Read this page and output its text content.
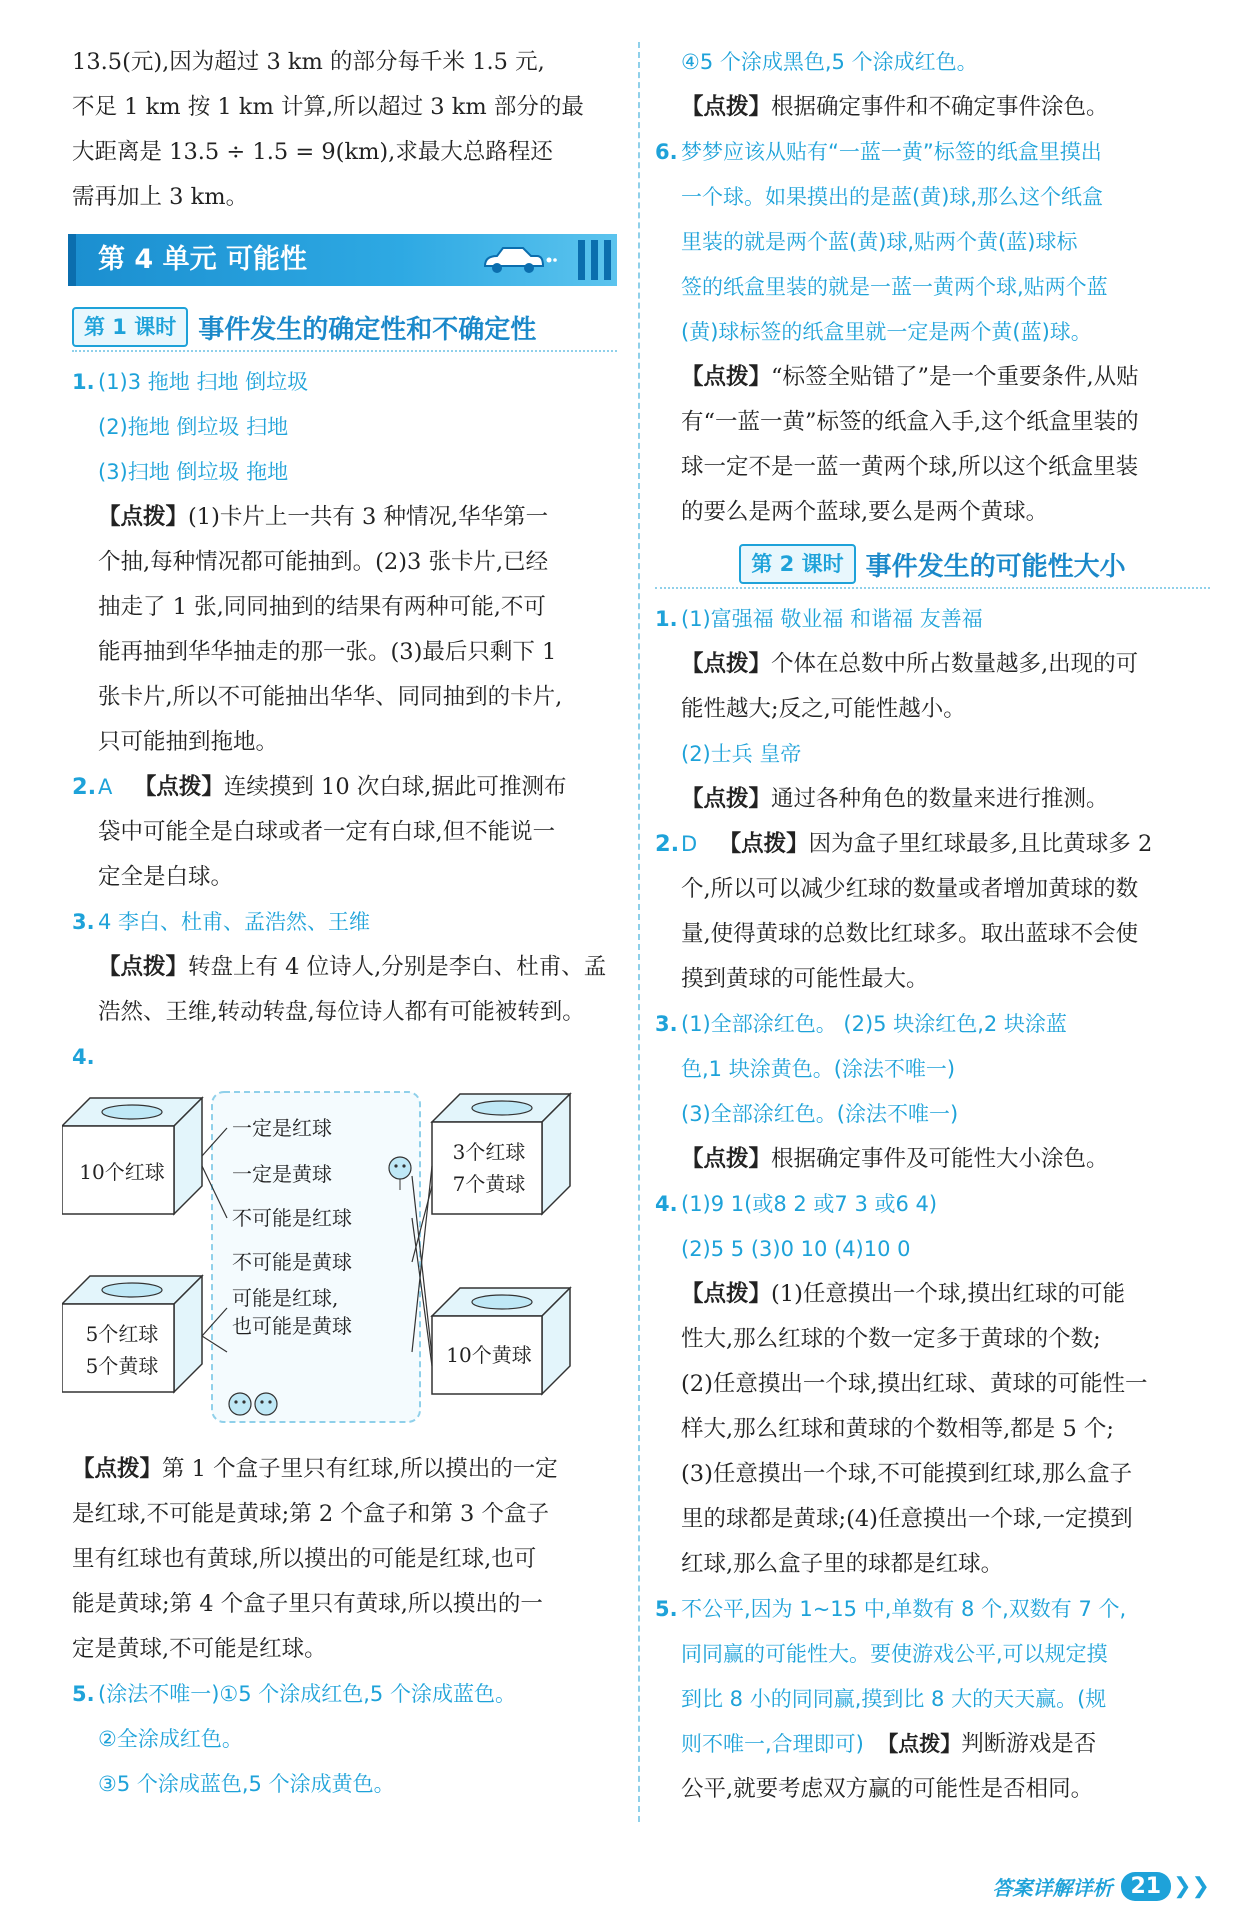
13.5(元),因为超过 3 km 的部分每千米 1.5 元,

不足 1 km 按 1 km 计算,所以超过 3 km 部分的最

大距离是 13.5 ÷ 1.5 = 9(km),求最大总路程还

需再加上 3 km。

第 4 单元 可能性
第 1 课时 事件发生的确定性和不确定性

1. (1)3 拖地 扫地 倒垃圾

(2)拖地 倒垃圾 扫地

(3)扫地 倒垃圾 拖地

【点拨】(1)卡片上一共有 3 种情况,华华第一

个抽,每种情况都可能抽到。(2)3 张卡片,已经

抽走了 1 张,同同抽到的结果有两种可能,不可

能再抽到华华抽走的那一张。(3)最后只剩下 1

张卡片,所以不可能抽出华华、同同抽到的卡片,

只可能抽到拖地。

2.A 【点拨】连续摸到 10 次白球,据此可推测布

袋中可能全是白球或者一定有白球,但不能说一

定全是白球。

3. 4 李白、杜甫、孟浩然、王维

【点拨】转盘上有 4 位诗人,分别是李白、杜甫、孟

浩然、王维,转动转盘,每位诗人都有可能被转到。

4.

10个红球
5个红球
5个黄球
3个红球
7个黄球
10个黄球
一定是红球
一定是黄球
不可能是红球
不可能是黄球
可能是红球,
也可能是黄球

【点拨】第 1 个盒子里只有红球,所以摸出的一定

是红球,不可能是黄球;第 2 个盒子和第 3 个盒子

里有红球也有黄球,所以摸出的可能是红球,也可

能是黄球;第 4 个盒子里只有黄球,所以摸出的一

定是黄球,不可能是红球。

5. (涂法不唯一)①5 个涂成红色,5 个涂成蓝色。

②全涂成红色。

③5 个涂成蓝色,5 个涂成黄色。

④5 个涂成黑色,5 个涂成红色。

【点拨】根据确定事件和不确定事件涂色。

6. 梦梦应该从贴有“一蓝一黄”标签的纸盒里摸出

一个球。如果摸出的是蓝(黄)球,那么这个纸盒

里装的就是两个蓝(黄)球,贴两个黄(蓝)球标

签的纸盒里装的就是一蓝一黄两个球,贴两个蓝

(黄)球标签的纸盒里就一定是两个黄(蓝)球。

【点拨】“标签全贴错了”是一个重要条件,从贴

有“一蓝一黄”标签的纸盒入手,这个纸盒里装的

球一定不是一蓝一黄两个球,所以这个纸盒里装

的要么是两个蓝球,要么是两个黄球。

第 2 课时 事件发生的可能性大小

1. (1)富强福 敬业福 和谐福 友善福

【点拨】个体在总数中所占数量越多,出现的可

能性越大;反之,可能性越小。

(2)士兵 皇帝

【点拨】通过各种角色的数量来进行推测。

2.D 【点拨】因为盒子里红球最多,且比黄球多 2

个,所以可以减少红球的数量或者增加黄球的数

量,使得黄球的总数比红球多。取出蓝球不会使

摸到黄球的可能性最大。

3. (1)全部涂红色。 (2)5 块涂红色,2 块涂蓝

色,1 块涂黄色。(涂法不唯一)

(3)全部涂红色。(涂法不唯一)

【点拨】根据确定事件及可能性大小涂色。

4. (1)9 1(或8 2 或7 3 或6 4)

(2)5 5 (3)0 10 (4)10 0

【点拨】(1)任意摸出一个球,摸出红球的可能

性大,那么红球的个数一定多于黄球的个数;

(2)任意摸出一个球,摸出红球、黄球的可能性一

样大,那么红球和黄球的个数相等,都是 5 个;

(3)任意摸出一个球,不可能摸到红球,那么盒子

里的球都是黄球;(4)任意摸出一个球,一定摸到

红球,那么盒子里的球都是红球。

5. 不公平,因为 1~15 中,单数有 8 个,双数有 7 个,

同同赢的可能性大。要使游戏公平,可以规定摸

到比 8 小的同同赢,摸到比 8 大的天天赢。(规

则不唯一,合理即可) 【点拨】判断游戏是否

公平,就要考虑双方赢的可能性是否相同。

答案详解详析 21 ❯❯
